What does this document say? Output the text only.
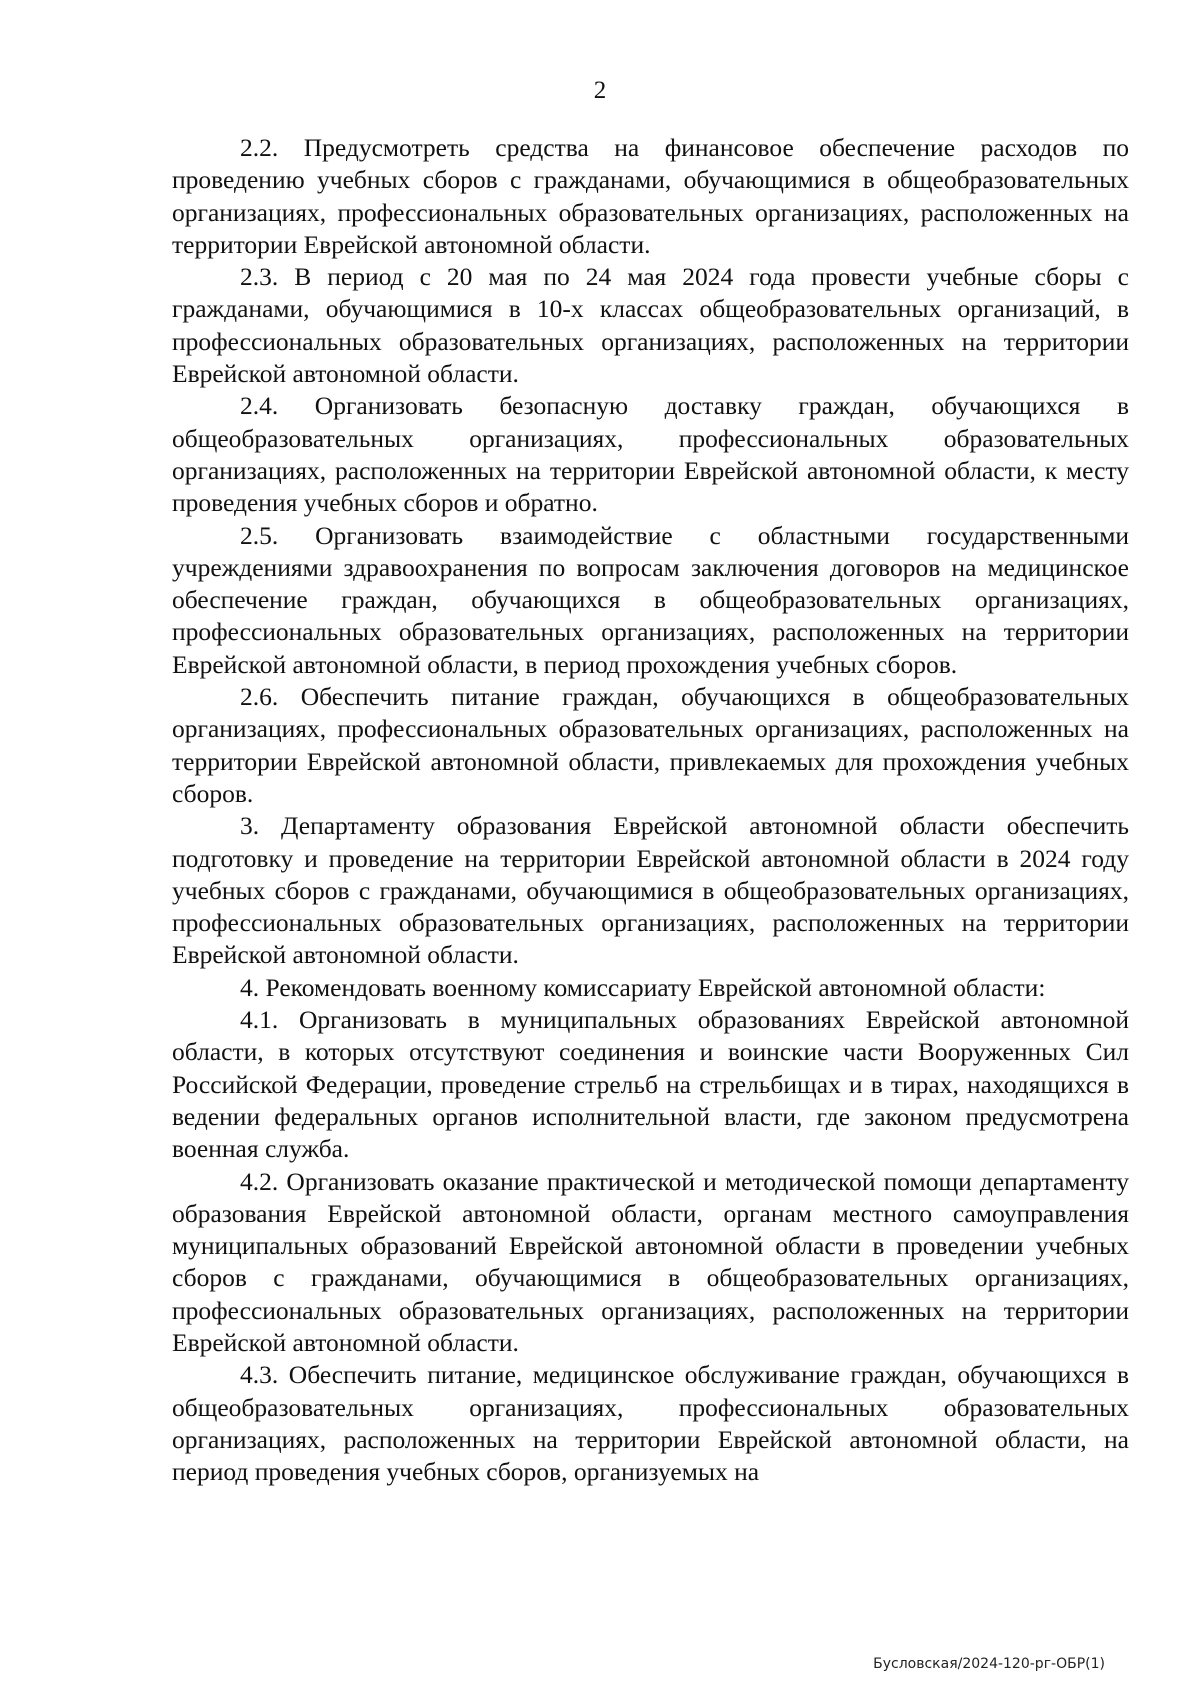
2

2.2. Предусмотреть средства на финансовое обеспечение расходов по проведению учебных сборов с гражданами, обучающимися в общеобразовательных организациях, профессиональных образовательных организациях, расположенных на территории Еврейской автономной области.

2.3. В период с 20 мая по 24 мая 2024 года провести учебные сборы с гражданами, обучающимися в 10-х классах общеобразовательных организаций, в профессиональных образовательных организациях, расположенных на территории Еврейской автономной области.

2.4. Организовать безопасную доставку граждан, обучающихся в общеобразовательных организациях, профессиональных образовательных организациях, расположенных на территории Еврейской автономной области, к месту проведения учебных сборов и обратно.

2.5. Организовать взаимодействие с областными государственными учреждениями здравоохранения по вопросам заключения договоров на медицинское обеспечение граждан, обучающихся в общеобразовательных организациях, профессиональных образовательных организациях, расположенных на территории Еврейской автономной области, в период прохождения учебных сборов.

2.6. Обеспечить питание граждан, обучающихся в общеобразовательных организациях, профессиональных образовательных организациях, расположенных на территории Еврейской автономной области, привлекаемых для прохождения учебных сборов.

3. Департаменту образования Еврейской автономной области обеспечить подготовку и проведение на территории Еврейской автономной области в 2024 году учебных сборов с гражданами, обучающимися в общеобразовательных организациях, профессиональных образовательных организациях, расположенных на территории Еврейской автономной области.

4. Рекомендовать военному комиссариату Еврейской автономной области:

4.1. Организовать в муниципальных образованиях Еврейской автономной области, в которых отсутствуют соединения и воинские части Вооруженных Сил Российской Федерации, проведение стрельб на стрельбищах и в тирах, находящихся в ведении федеральных органов исполнительной власти, где законом предусмотрена военная служба.

4.2. Организовать оказание практической и методической помощи департаменту образования Еврейской автономной области, органам местного самоуправления муниципальных образований Еврейской автономной области в проведении учебных сборов с гражданами, обучающимися в общеобразовательных организациях, профессиональных образовательных организациях, расположенных на территории Еврейской автономной области.

4.3. Обеспечить питание, медицинское обслуживание граждан, обучающихся в общеобразовательных организациях, профессиональных образовательных организациях, расположенных на территории Еврейской автономной области, на период проведения учебных сборов, организуемых на

Бусловская/2024-120-рг-ОБР(1)
